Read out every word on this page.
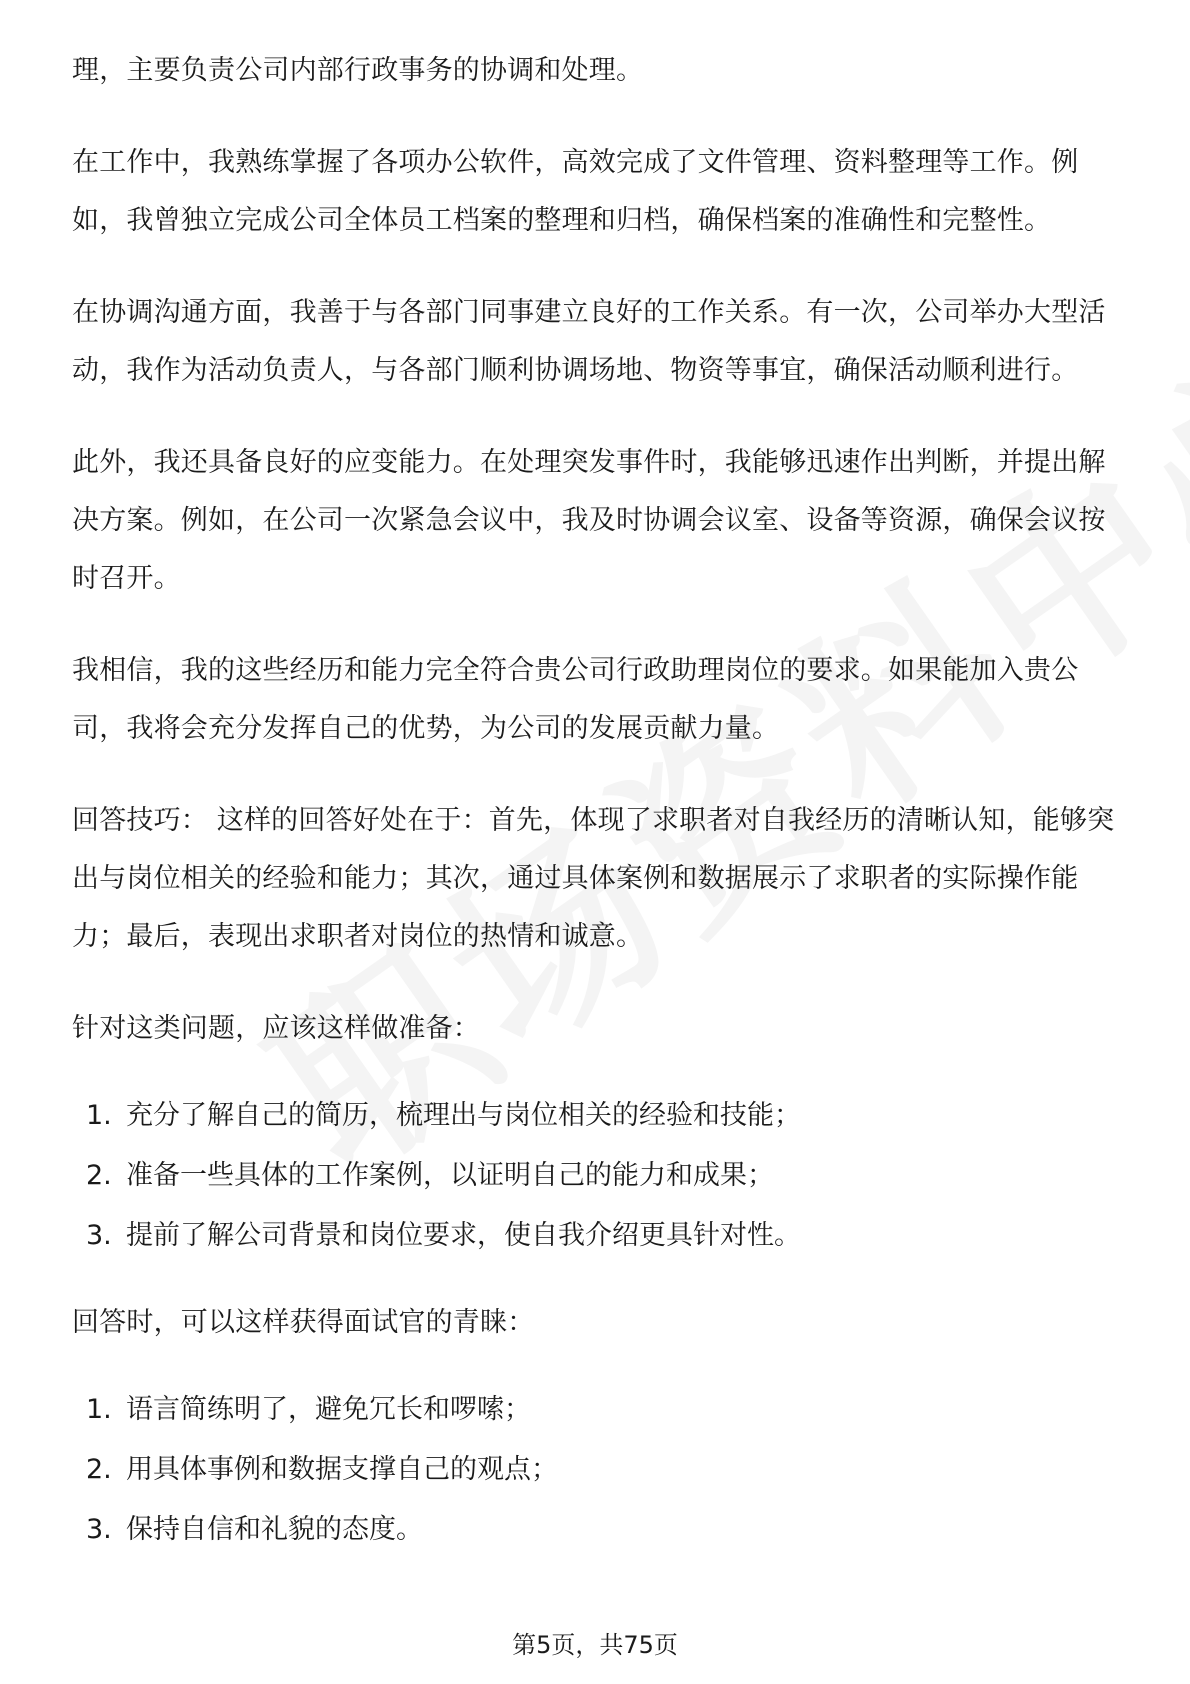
理，主要负责公司内部行政事务的协调和处理。

在工作中，我熟练掌握了各项办公软件，高效完成了文件管理、资料整理等工作。例如，我曾独立完成公司全体员工档案的整理和归档，确保档案的准确性和完整性。

在协调沟通方面，我善于与各部门同事建立良好的工作关系。有一次，公司举办大型活动，我作为活动负责人，与各部门顺利协调场地、物资等事宜，确保活动顺利进行。

此外，我还具备良好的应变能力。在处理突发事件时，我能够迅速作出判断，并提出解决方案。例如，在公司一次紧急会议中，我及时协调会议室、设备等资源，确保会议按时召开。

我相信，我的这些经历和能力完全符合贵公司行政助理岗位的要求。如果能加入贵公司，我将会充分发挥自己的优势，为公司的发展贡献力量。

回答技巧： 这样的回答好处在于：首先，体现了求职者对自我经历的清晰认知，能够突出与岗位相关的经验和能力；其次，通过具体案例和数据展示了求职者的实际操作能力；最后，表现出求职者对岗位的热情和诚意。

针对这类问题，应该这样做准备：

1. 充分了解自己的简历，梳理出与岗位相关的经验和技能；
2. 准备一些具体的工作案例，以证明自己的能力和成果；
3. 提前了解公司背景和岗位要求，使自我介绍更具针对性。

回答时，可以这样获得面试官的青睐：

1. 语言简练明了，避免冗长和啰嗦；
2. 用具体事例和数据支撑自己的观点；
3. 保持自信和礼貌的态度。
第5页，共75页
